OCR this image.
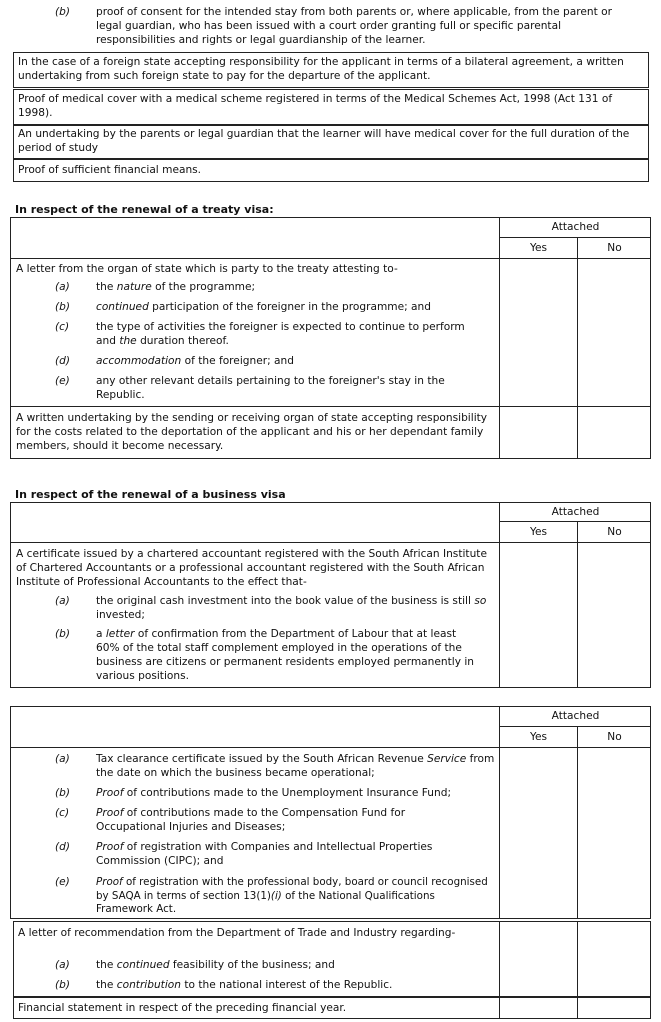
(b) proof of consent for the intended stay from both parents or, where applicable, from the parent or legal guardian, who has been issued with a court order granting full or specific parental responsibilities and rights or legal guardianship of the learner.
In the case of a foreign state accepting responsibility for the applicant in terms of a bilateral agreement, a written undertaking from such foreign state to pay for the departure of the applicant.
Proof of medical cover with a medical scheme registered in terms of the Medical Schemes Act, 1998 (Act 131 of 1998).
An undertaking by the parents or legal guardian that the learner will have medical cover for the full duration of the period of study
Proof of sufficient financial means.
In respect of the renewal of a treaty visa:
Attached
Yes	No
A letter from the organ of state which is party to the treaty attesting to-
(a) the nature of the programme;
(b) continued participation of the foreigner in the programme; and
(c)	the type of activities the foreigner is expected to continue to perform and the duration thereof.
(d) accommodation of the foreigner; and
(e) any other relevant details pertaining to the foreigner's stay in the Republic.
A written undertaking by the sending or receiving organ of state accepting responsibility for the costs related to the deportation of the applicant and his or her dependant family members, should it become necessary.
In respect of the renewal of a business visa
Attached
Yes	No
A certificate issued by a chartered accountant registered with the South African Institute of Chartered Accountants or a professional accountant registered with the South African Institute of Professional Accountants to the effect that-
(a) the original cash investment into the book value of the business is still so invested;
(b) a letter of confirmation from the Department of Labour that at least 60% of the total staff complement employed in the operations of the business are citizens or permanent residents employed permanently in various positions.
Attached
Yes	No
(a) Tax clearance certificate issued by the South African Revenue Service from the date on which the business became operational;
(b) Proof of contributions made to the Unemployment Insurance Fund;
(c)	Proof of contributions made to the Compensation Fund for Occupational Injuries and Diseases;
(d) Proof of registration with Companies and Intellectual Properties Commission (CIPC); and
(e)	Proof of registration with the professional body, board or council recognised by SAQA in terms of section 13(1)(i) of the National Qualifications Framework Act.
A letter of recommendation from the Department of Trade and Industry regarding-
(a) the continued feasibility of the business; and
(b) the contribution to the national interest of the Republic.
Financial statement in respect of the preceding financial year.
